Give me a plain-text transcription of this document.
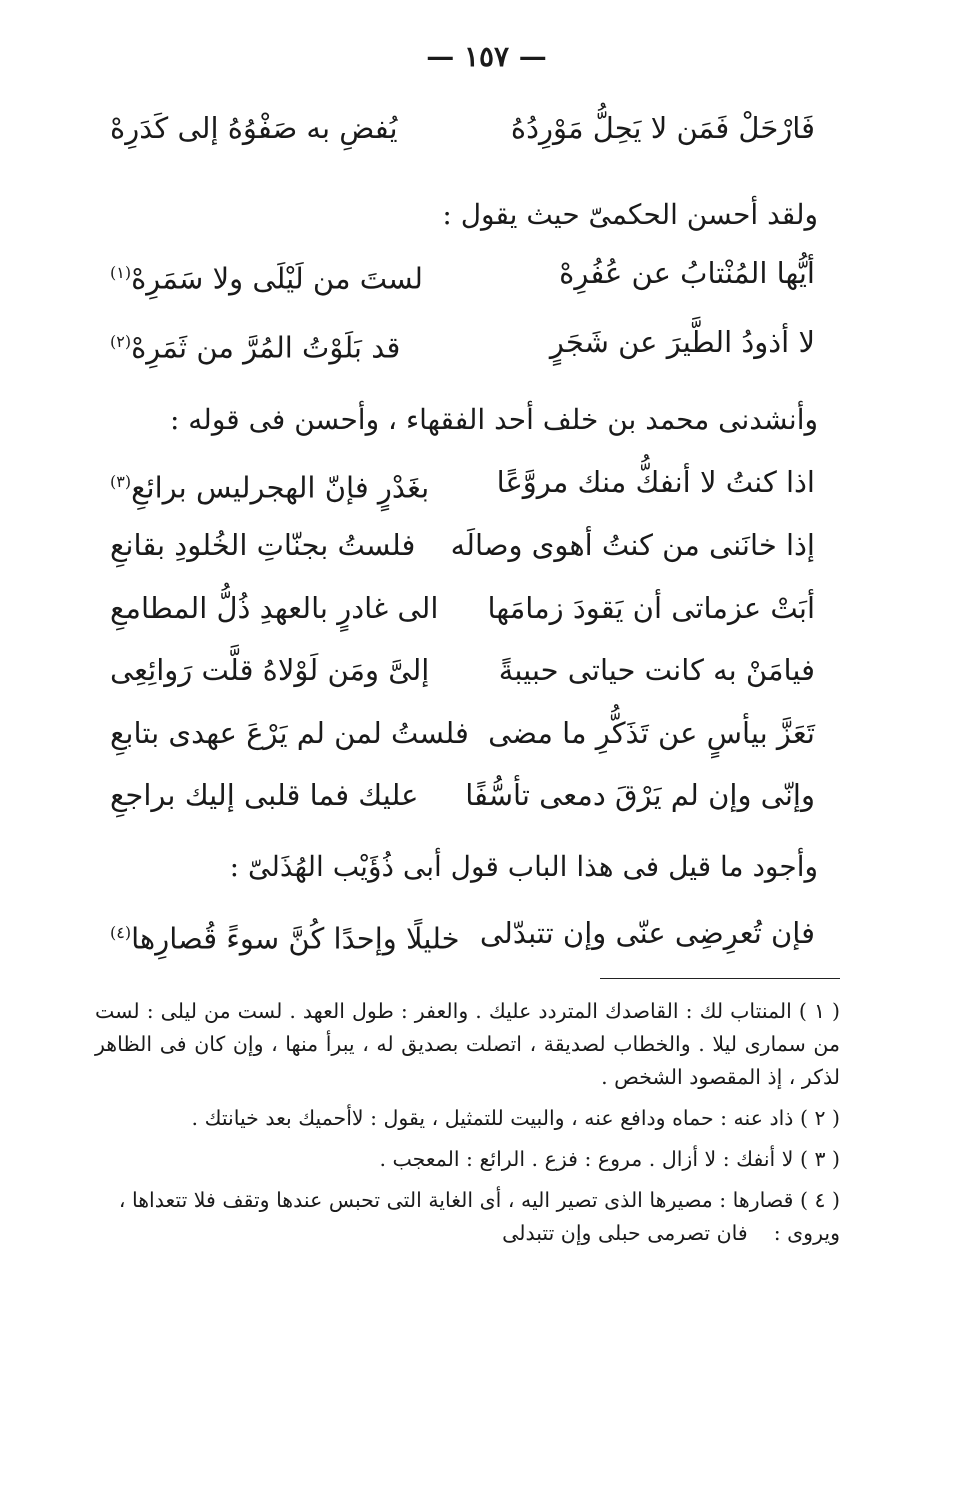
— ١٥٧ —
فَارْحَلْ فَمَن لا يَحِلُّ مَوْرِدُهُ
يُفضِ به صَفْوُهُ إلى كَدَرِهْ
ولقد أحسن الحكمىّ حيث يقول :
أيُّها المُنْتابُ عن عُفُرِهْ
لستَ من لَيْلَى ولا سَمَرِهْ$^{(١)}$
لا أذودُ الطَّيرَ عن شَجَرٍ
قد بَلَوْتُ المُرَّ من ثَمَرِهْ$^{(٢)}$
وأنشدنى محمد بن خلف أحد الفقهاء ، وأحسن فى قوله :
اذا كنتُ لا أنفكُّ منك مروَّعًا
بغَدْرٍ فإنّ الهجرليس برائعِ$^{(٣)}$
إذا خانَنى من كنتُ أهوى وصالَه
فلستُ بجنّاتِ الخُلودِ بقانعِ
أبَتْ عزماتى أن يَقودَ زمامَها
الى غادرٍ بالعهدِ ذُلُّ المطامعِ
فيامَنْ به كانت حياتى حبيبةً
إلىَّ ومَن لَوْلاهُ قلَّت رَوائِعِى
تَعَزَّ بيأسٍ عن تَذَكُّرِ ما مضى
فلستُ لمن لم يَرْعَ عهدى بتابعِ
وإنّى وإن لم يَرْقَ دمعى تأسُّفًا
عليك فما قلبى إليك براجعِ
وأجود ما قيل فى هذا الباب قول أبى ذُؤَيْب الهُذَلىّ :
فإن تُعرِضِى عنّى وإن تتبدّلى
خليلًا وإحدًا كُنَّ سوءً قُصارِها$^{(٤)}$

( ١ ) المنتاب لك : القاصدك المتردد عليك . والعفر : طول العهد . لست من ليلى : لست من سمارى ليلا . والخطاب لصديقة ، اتصلت بصديق له ، يبرأ منها ، وإن كان فى الظاهر لذكر ، إذ المقصود الشخص .

( ٢ ) ذاد عنه : حماه ودافع عنه ، والبيت للتمثيل ، يقول : لاأحميك بعد خيانتك .

( ٣ ) لا أنفك : لا أزال . مروع : فزع . الرائع : المعجب .

( ٤ ) قصارها : مصيرها الذى تصير اليه ، أى الغاية التى تحبس عندها وتقف فلا تتعداها ،

ويروى :فان تصرمى حبلى وإن تتبدلى
